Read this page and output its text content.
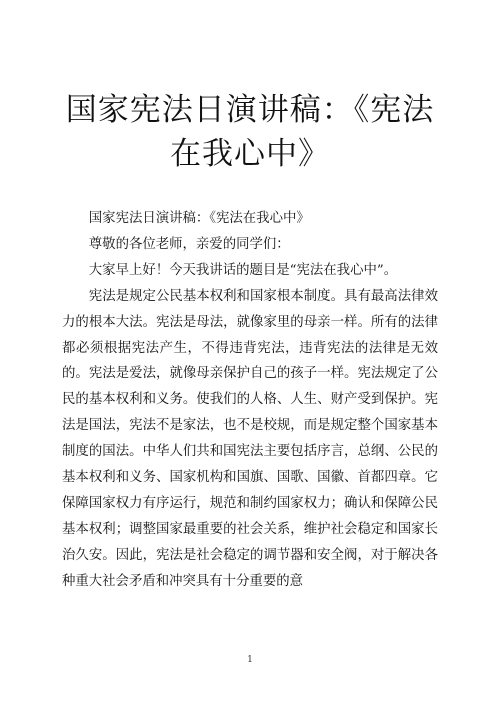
国家宪法日演讲稿：《宪法在我心中》

国家宪法日演讲稿：《宪法在我心中》

尊敬的各位老师，亲爱的同学们：

大家早上好！今天我讲话的题目是“宪法在我心中”。

宪法是规定公民基本权利和国家根本制度。具有最高法律效力的根本大法。宪法是母法，就像家里的母亲一样。所有的法律都必须根据宪法产生，不得违背宪法，违背宪法的法律是无效的。宪法是爱法，就像母亲保护自己的孩子一样。宪法规定了公民的基本权利和义务。使我们的人格、人生、财产受到保护。宪法是国法，宪法不是家法，也不是校规，而是规定整个国家基本制度的国法。中华人们共和国宪法主要包括序言，总纲、公民的基本权利和义务、国家机构和国旗、国歌、国徽、首都四章。它保障国家权力有序运行，规范和制约国家权力；确认和保障公民基本权利；调整国家最重要的社会关系，维护社会稳定和国家长治久安。因此，宪法是社会稳定的调节器和安全阀，对于解决各种重大社会矛盾和冲突具有十分重要的意

1
